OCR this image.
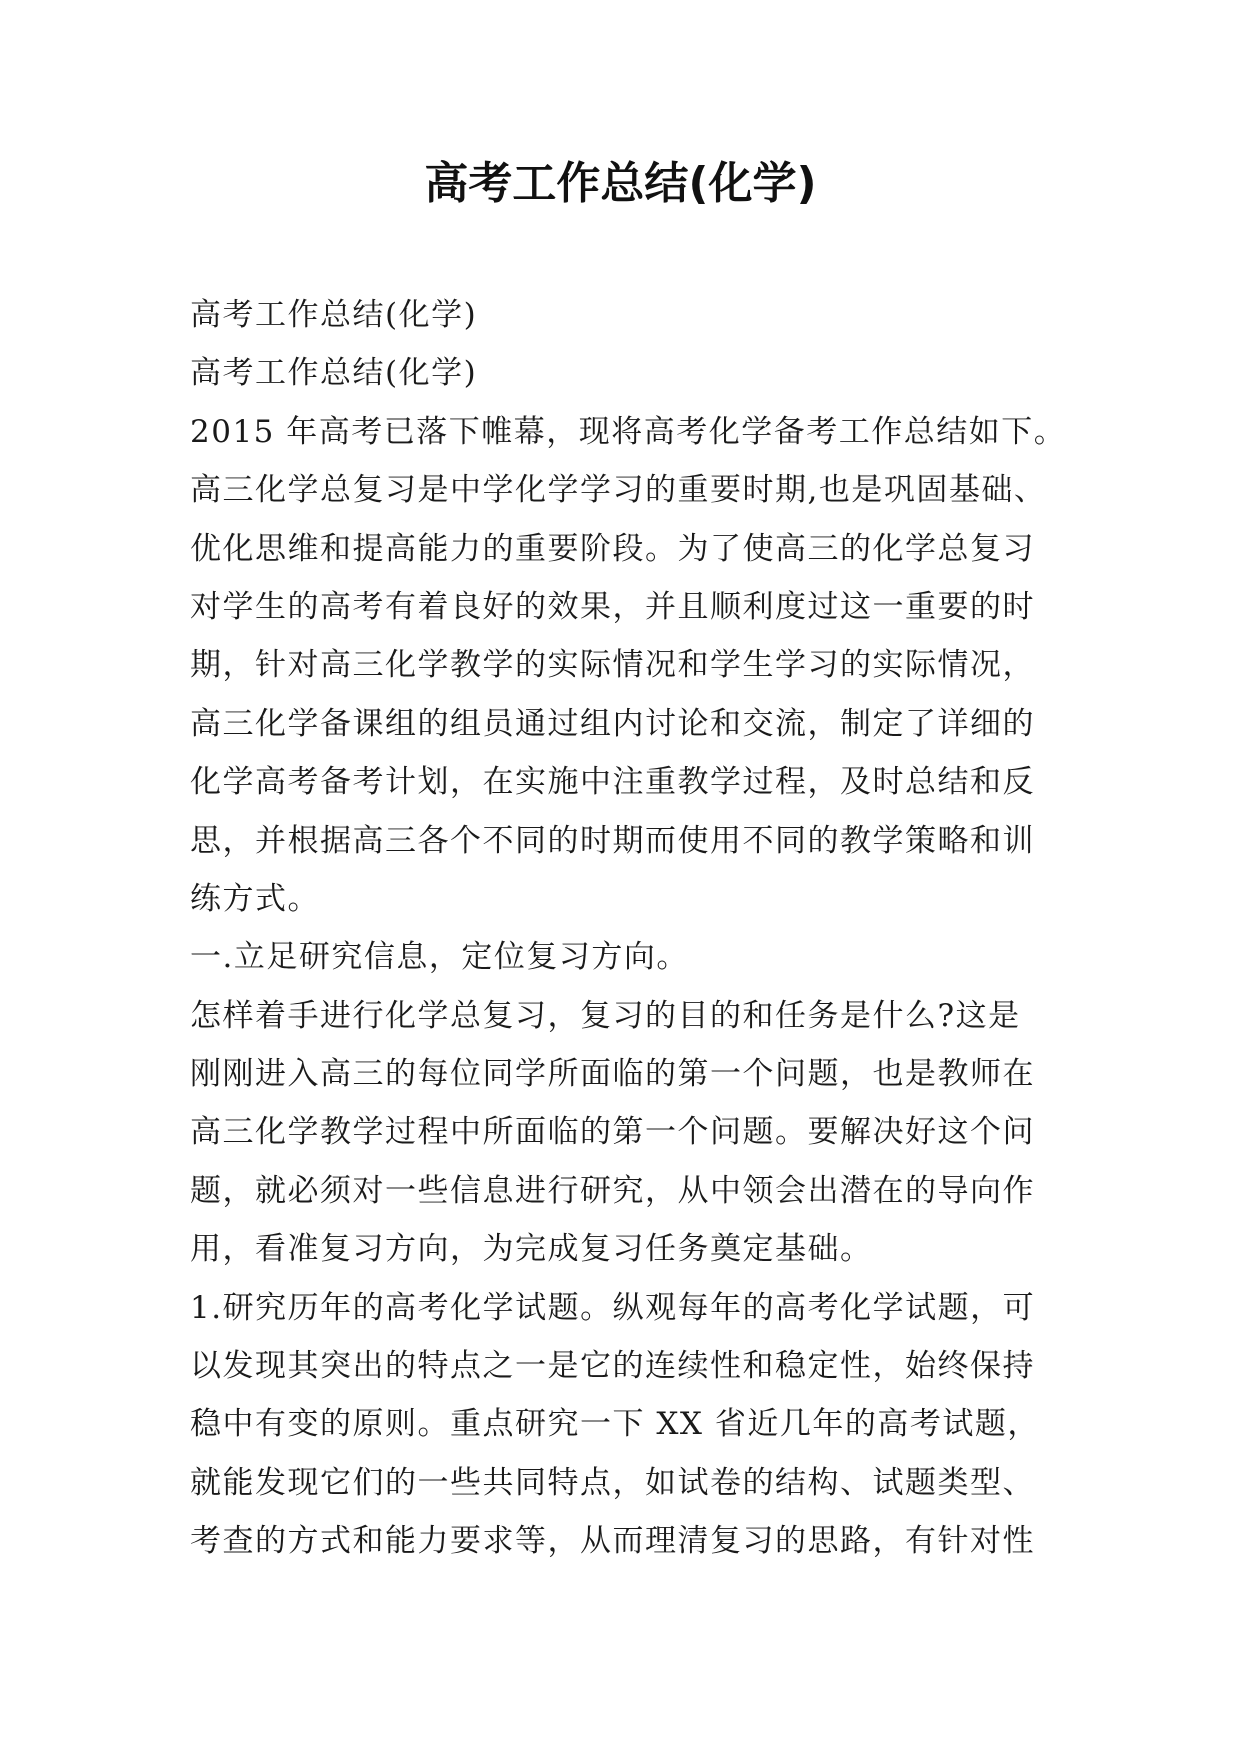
高考工作总结(化学)

高考工作总结(化学)

高考工作总结(化学)

2015 年高考已落下帷幕，现将高考化学备考工作总结如下。

高三化学总复习是中学化学学习的重要时期,也是巩固基础、

优化思维和提高能力的重要阶段。为了使高三的化学总复习

对学生的高考有着良好的效果，并且顺利度过这一重要的时

期，针对高三化学教学的实际情况和学生学习的实际情况，

高三化学备课组的组员通过组内讨论和交流，制定了详细的

化学高考备考计划，在实施中注重教学过程，及时总结和反

思，并根据高三各个不同的时期而使用不同的教学策略和训

练方式。

一.立足研究信息，定位复习方向。

怎样着手进行化学总复习，复习的目的和任务是什么?这是

刚刚进入高三的每位同学所面临的第一个问题，也是教师在

高三化学教学过程中所面临的第一个问题。要解决好这个问

题，就必须对一些信息进行研究，从中领会出潜在的导向作

用，看准复习方向，为完成复习任务奠定基础。

1.研究历年的高考化学试题。纵观每年的高考化学试题，可

以发现其突出的特点之一是它的连续性和稳定性，始终保持

稳中有变的原则。重点研究一下 XX 省近几年的高考试题，

就能发现它们的一些共同特点，如试卷的结构、试题类型、

考查的方式和能力要求等，从而理清复习的思路，有针对性
